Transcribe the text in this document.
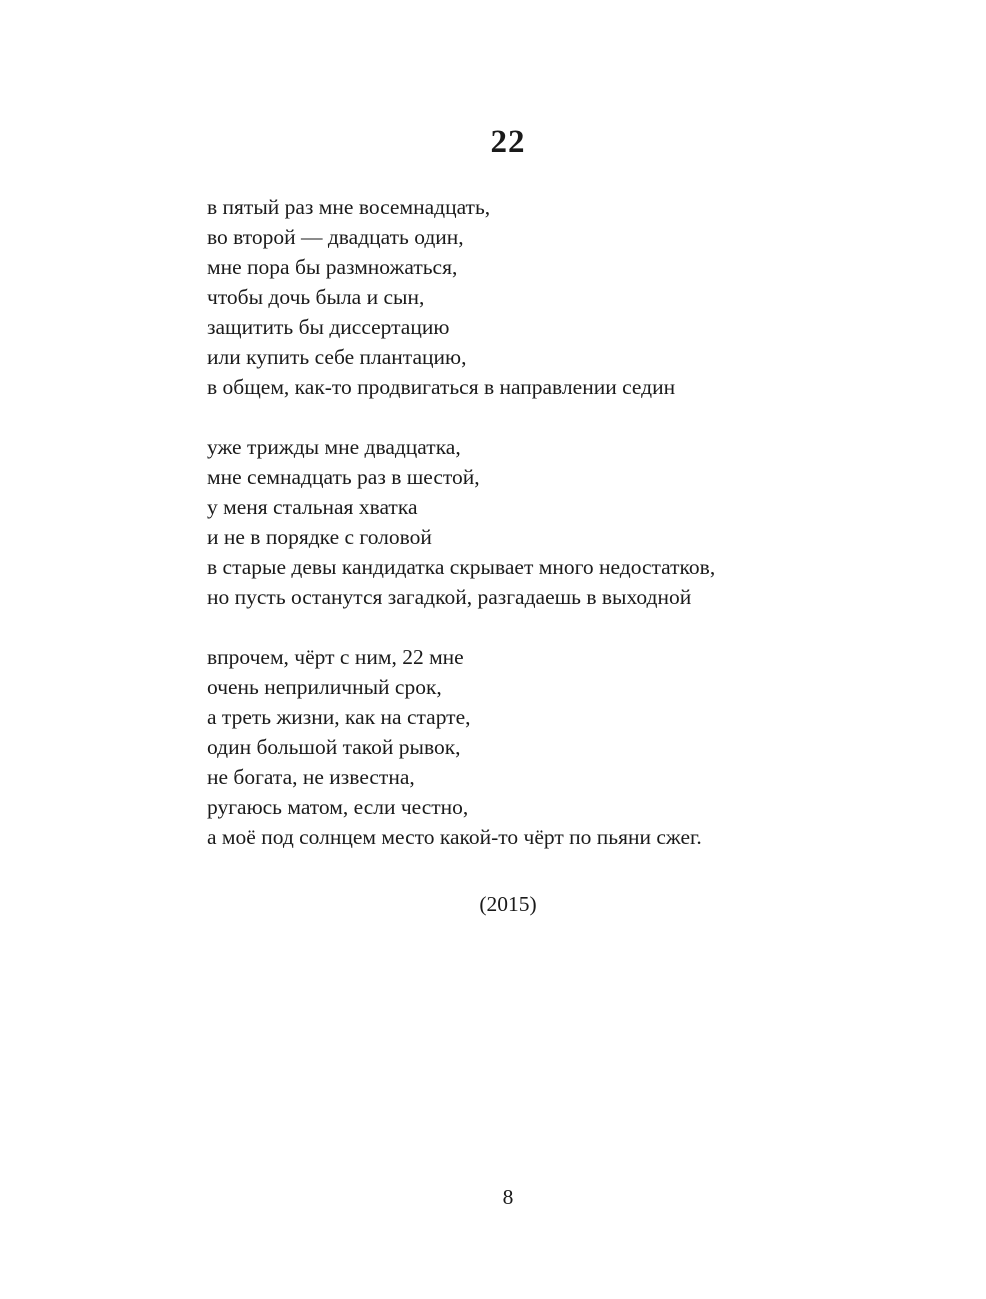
22
в пятый раз мне восемнадцать,
во второй — двадцать один,
мне пора бы размножаться,
чтобы дочь была и сын,
защитить бы диссертацию
или купить себе плантацию,
в общем, как-то продвигаться в направлении седин
уже трижды мне двадцатка,
мне семнадцать раз в шестой,
у меня стальная хватка
и не в порядке с головой
в старые девы кандидатка скрывает много недостатков,
но пусть останутся загадкой, разгадаешь в выходной
впрочем, чёрт с ним, 22 мне
очень неприличный срок,
а треть жизни, как на старте,
один большой такой рывок,
не богата, не известна,
ругаюсь матом, если честно,
а моё под солнцем место какой-то чёрт по пьяни сжег.
(2015)
8
